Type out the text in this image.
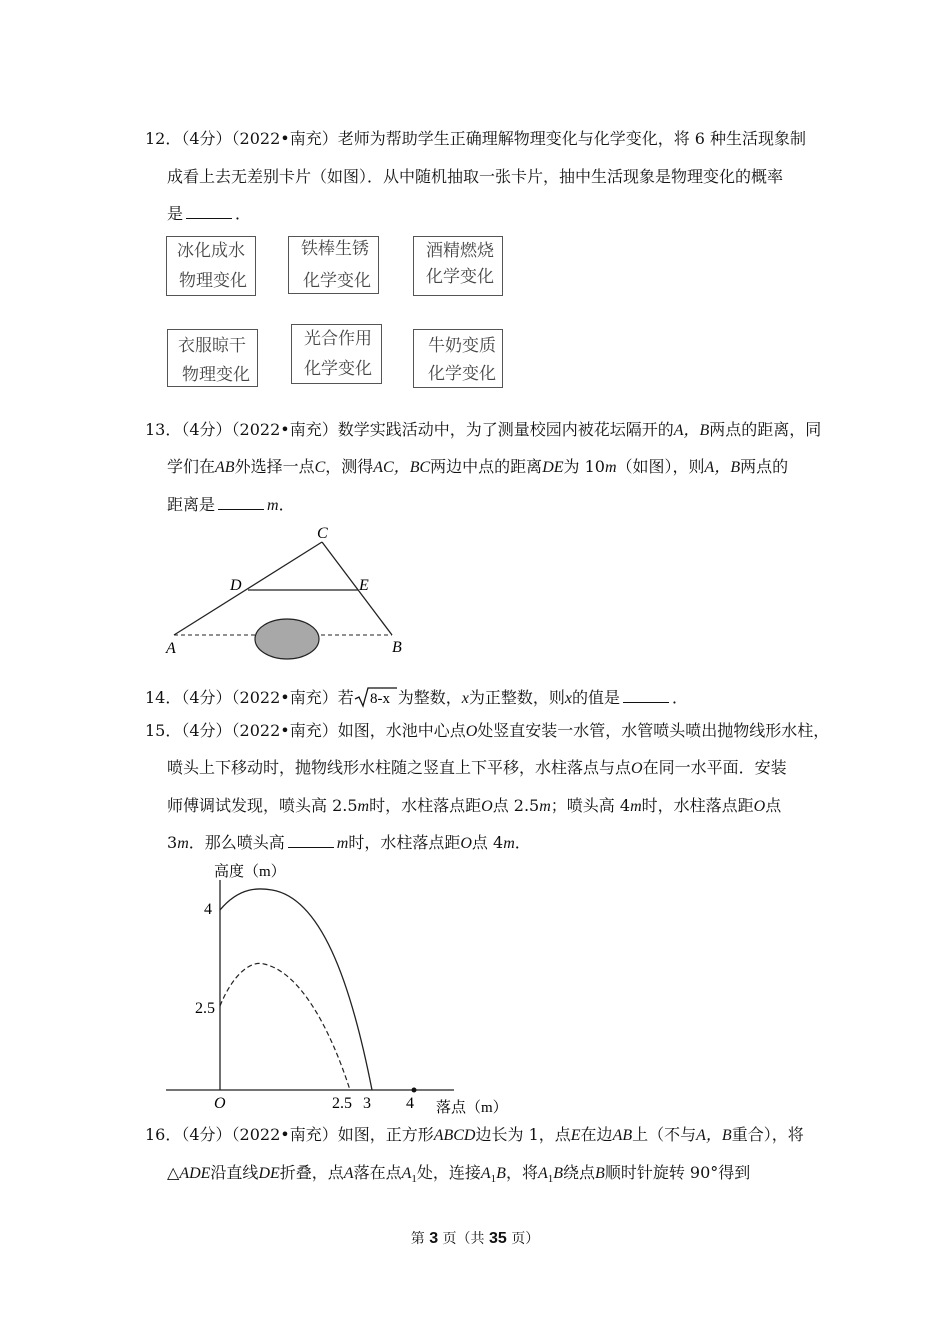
12．（4分）（2022•南充）老师为帮助学生正确理解物理变化与化学变化，将 6 种生活现象制
成看上去无差别卡片（如图）．从中随机抽取一张卡片，抽中生活现象是物理变化的概率
是	．
冰化成水
物理变化
铁棒生锈
化学变化
酒精燃烧
化学变化
衣服晾干
物理变化
光合作用
化学变化
牛奶变质
化学变化
13．（4分）（2022•南充）数学实践活动中，为了测量校园内被花坛隔开的A，B两点的距离，同
学们在AB外选择一点C，测得AC，BC两边中点的距离DE为 10m（如图），则A，B两点的
距离是	m．
C
D	E
A	B
14．（4分）（2022•南充）若 8-x 为整数，x为正整数，则x的值是	．
15．（4分）（2022•南充）如图，水池中心点O处竖直安装一水管，水管喷头喷出抛物线形水柱，
喷头上下移动时，抛物线形水柱随之竖直上下平移，水柱落点与点O在同一水平面．安装
师傅调试发现，喷头高 2.5m时，水柱落点距O点 2.5m；喷头高 4m时，水柱落点距O点
3m．那么喷头高	m时，水柱落点距O点 4m．
高度（m）
4
2.5
O	2.5 3 4 落点（m）
16．（4分）（2022•南充）如图，正方形ABCD边长为 1，点E在边AB上（不与A，B重合），将
△ADE沿直线DE折叠，点A落在点$A_1$处，连接$A_1B$，将$A_1B$绕点B顺时针旋转 90°得到
第 3 页（共 35 页）
